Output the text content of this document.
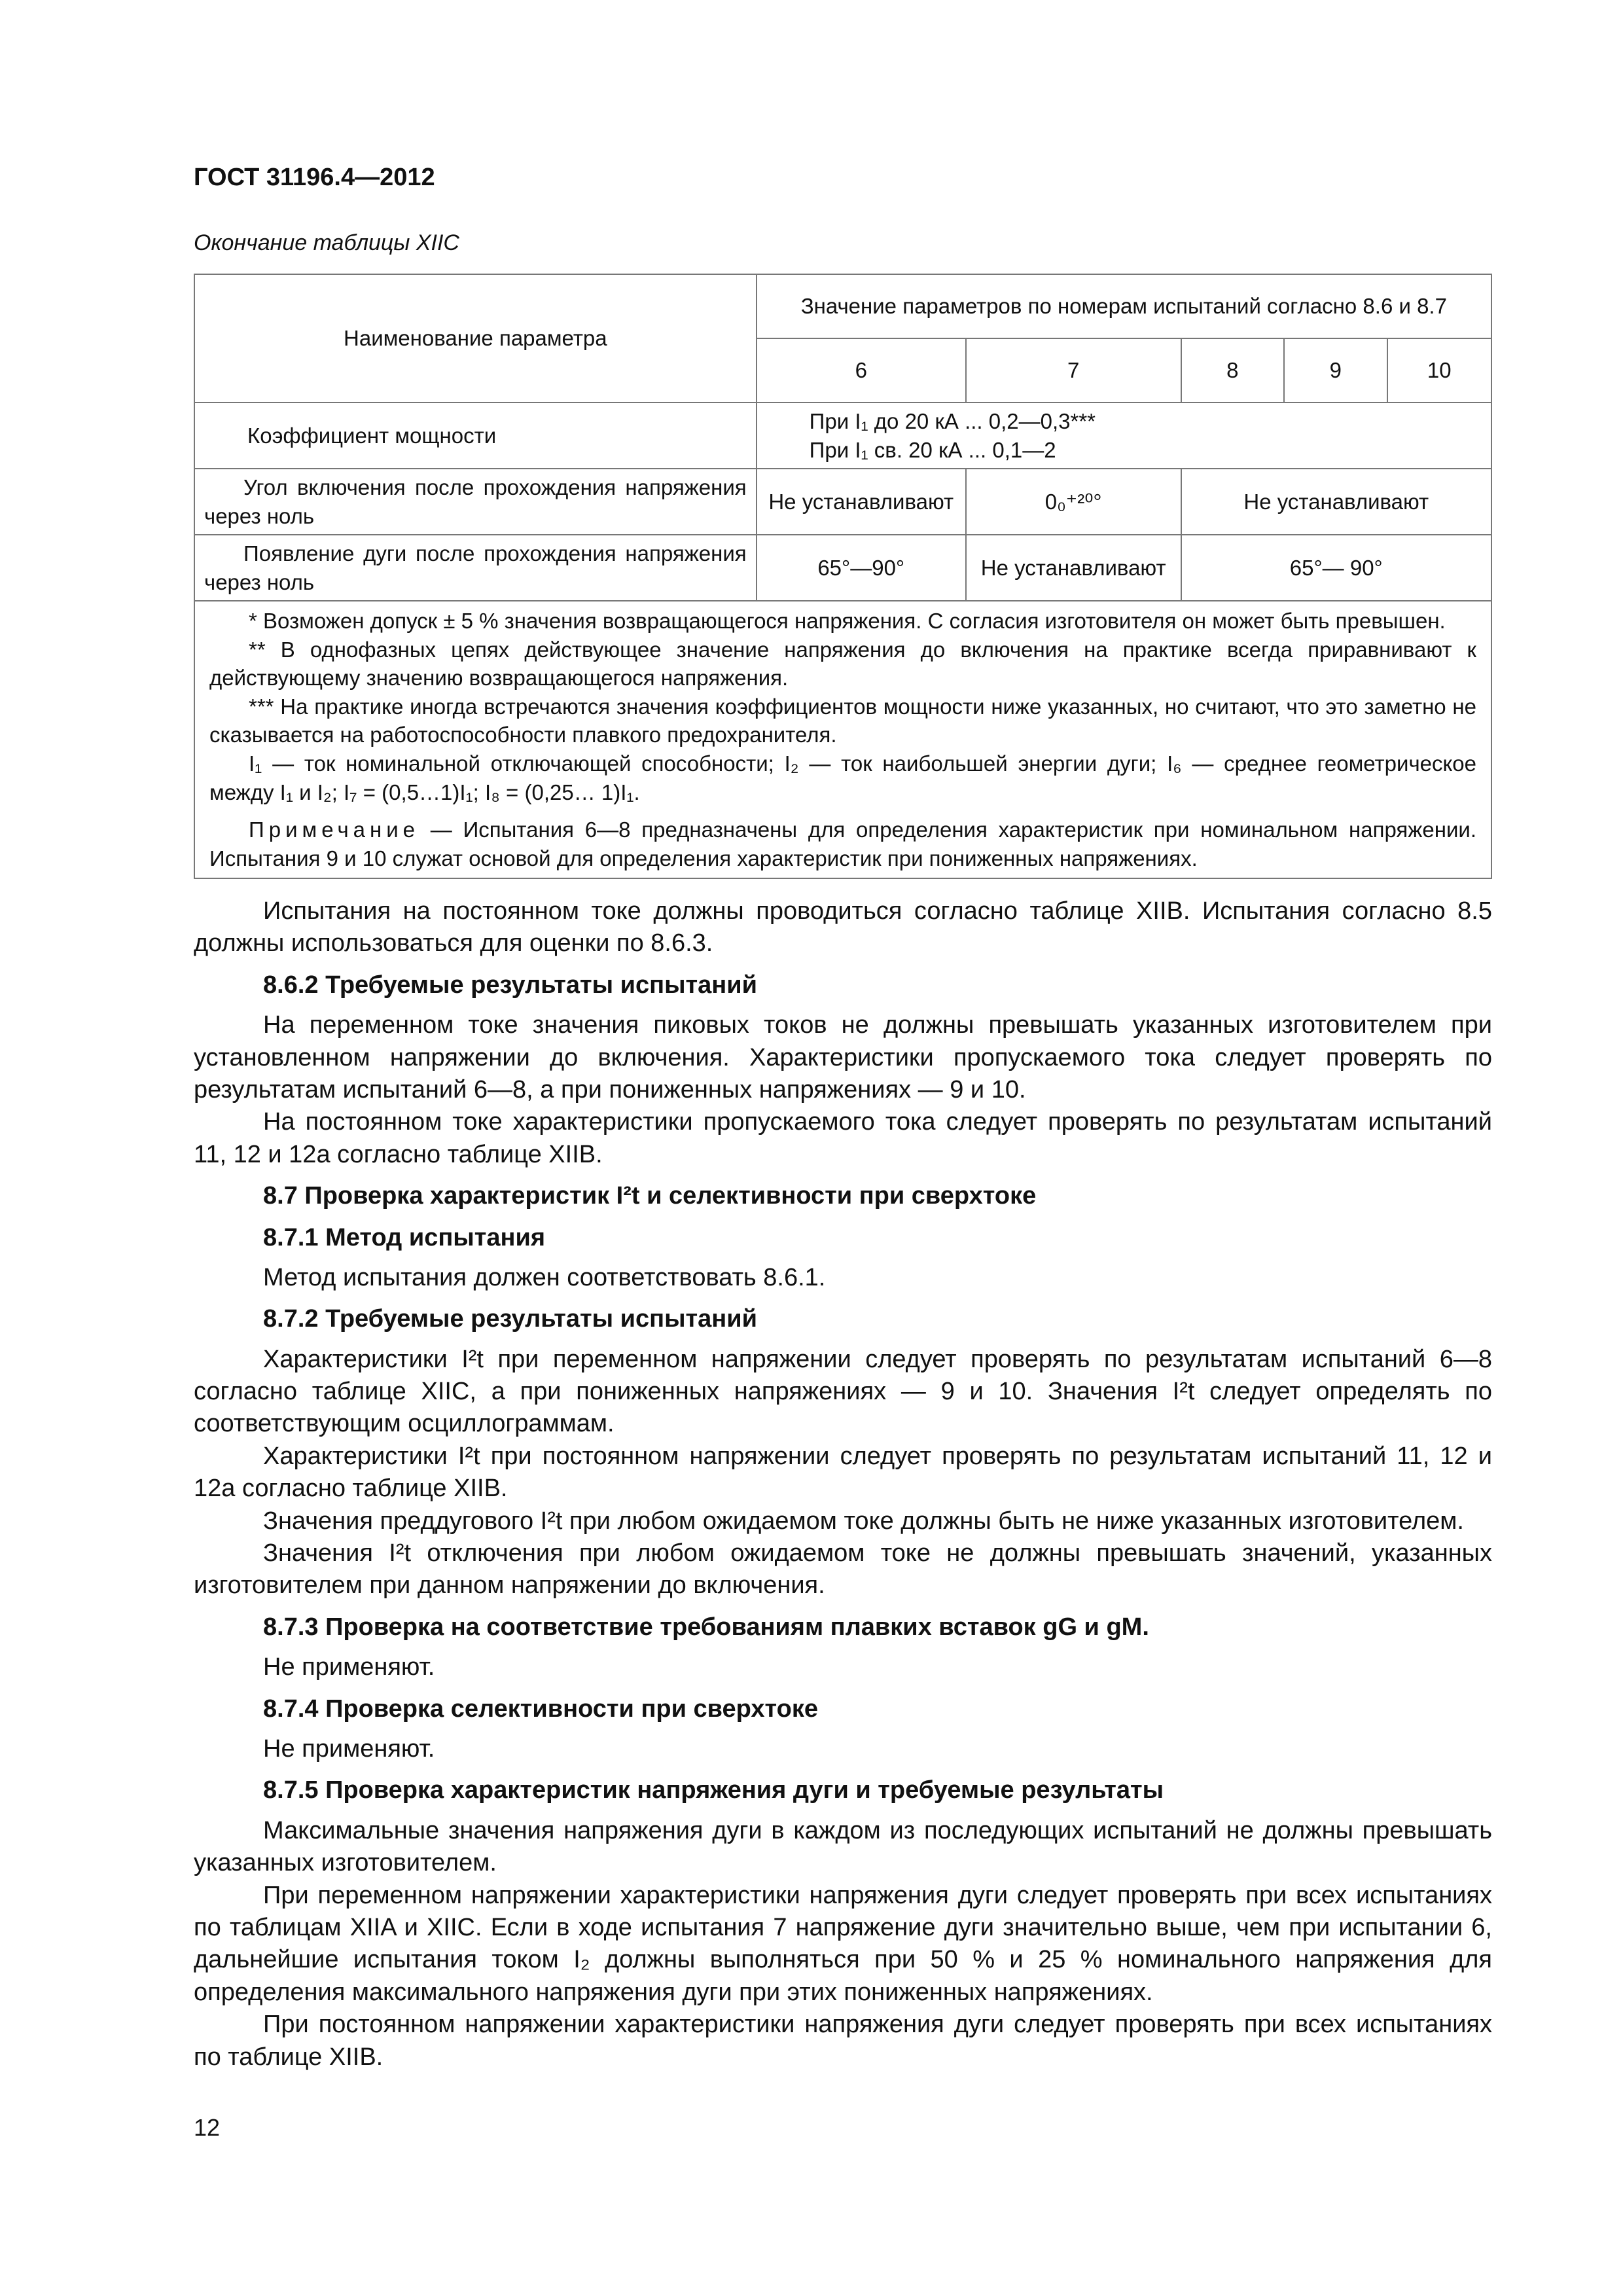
ГОСТ 31196.4—2012
Окончание таблицы XIIC
Наименование параметра	Значение параметров по номерам испытаний согласно 8.6 и 8.7				
	6	7	8	9	10
Коэффициент мощности	При I₁ до 20 кА ... 0,2—0,3***
При I₁ св. 20 кА ... 0,1—2				

Угол включения после прохождения напряжения через ноль	Не устанавливают	0₀⁺²⁰°	Не устанавливают		
Появление дуги после прохождения напряжения через ноль	65°—90°	Не устанавливают	65°— 90°		

* Возможен допуск ± 5 % значения возвращающегося напряжения. С согласия изготовителя он может быть превышен.

** В однофазных цепях действующее значение напряжения до включения на практике всегда приравнивают к действующему значению возвращающегося напряжения.

*** На практике иногда встречаются значения коэффициентов мощности ниже указанных, но считают, что это заметно не сказывается на работоспособности плавкого предохранителя.

I₁ — ток номинальной отключающей способности; I₂ — ток наибольшей энергии дуги; I₆ — среднее геометрическое между I₁ и I₂; I₇ = (0,5…1)I₁; I₈ = (0,25… 1)I₁.

Примечание — Испытания 6—8 предназначены для определения характеристик при номинальном напряжении. Испытания 9 и 10 служат основой для определения характеристик при пониженных напряжениях.					

Испытания на постоянном токе должны проводиться согласно таблице XIIB. Испытания согласно 8.5 должны использоваться для оценки по 8.6.3.

8.6.2 Требуемые результаты испытаний

На переменном токе значения пиковых токов не должны превышать указанных изготовителем при установленном напряжении до включения. Характеристики пропускаемого тока следует проверять по результатам испытаний 6—8, а при пониженных напряжениях — 9 и 10.

На постоянном токе характеристики пропускаемого тока следует проверять по результатам испытаний 11, 12 и 12а согласно таблице XIIB.

8.7 Проверка характеристик I²t и селективности при сверхтоке
8.7.1 Метод испытания

Метод испытания должен соответствовать 8.6.1.

8.7.2 Требуемые результаты испытаний

Характеристики I²t при переменном напряжении следует проверять по результатам испытаний 6—8 согласно таблице XIIC, а при пониженных напряжениях — 9 и 10. Значения I²t следует определять по соответствующим осциллограммам.

Характеристики I²t при постоянном напряжении следует проверять по результатам испытаний 11, 12 и 12а согласно таблице XIIB.

Значения преддугового I²t при любом ожидаемом токе должны быть не ниже указанных изготовителем.

Значения I²t отключения при любом ожидаемом токе не должны превышать значений, указанных изготовителем при данном напряжении до включения.

8.7.3 Проверка на соответствие требованиям плавких вставок gG и gM.

Не применяют.

8.7.4 Проверка селективности при сверхтоке

Не применяют.

8.7.5 Проверка характеристик напряжения дуги и требуемые результаты

Максимальные значения напряжения дуги в каждом из последующих испытаний не должны превышать указанных изготовителем.

При переменном напряжении характеристики напряжения дуги следует проверять при всех испытаниях по таблицам XIIA и XIIC. Если в ходе испытания 7 напряжение дуги значительно выше, чем при испытании 6, дальнейшие испытания током I₂ должны выполняться при 50 % и 25 % номинального напряжения для определения максимального напряжения дуги при этих пониженных напряжениях.

При постоянном напряжении характеристики напряжения дуги следует проверять при всех испытаниях по таблице XIIB.

12
